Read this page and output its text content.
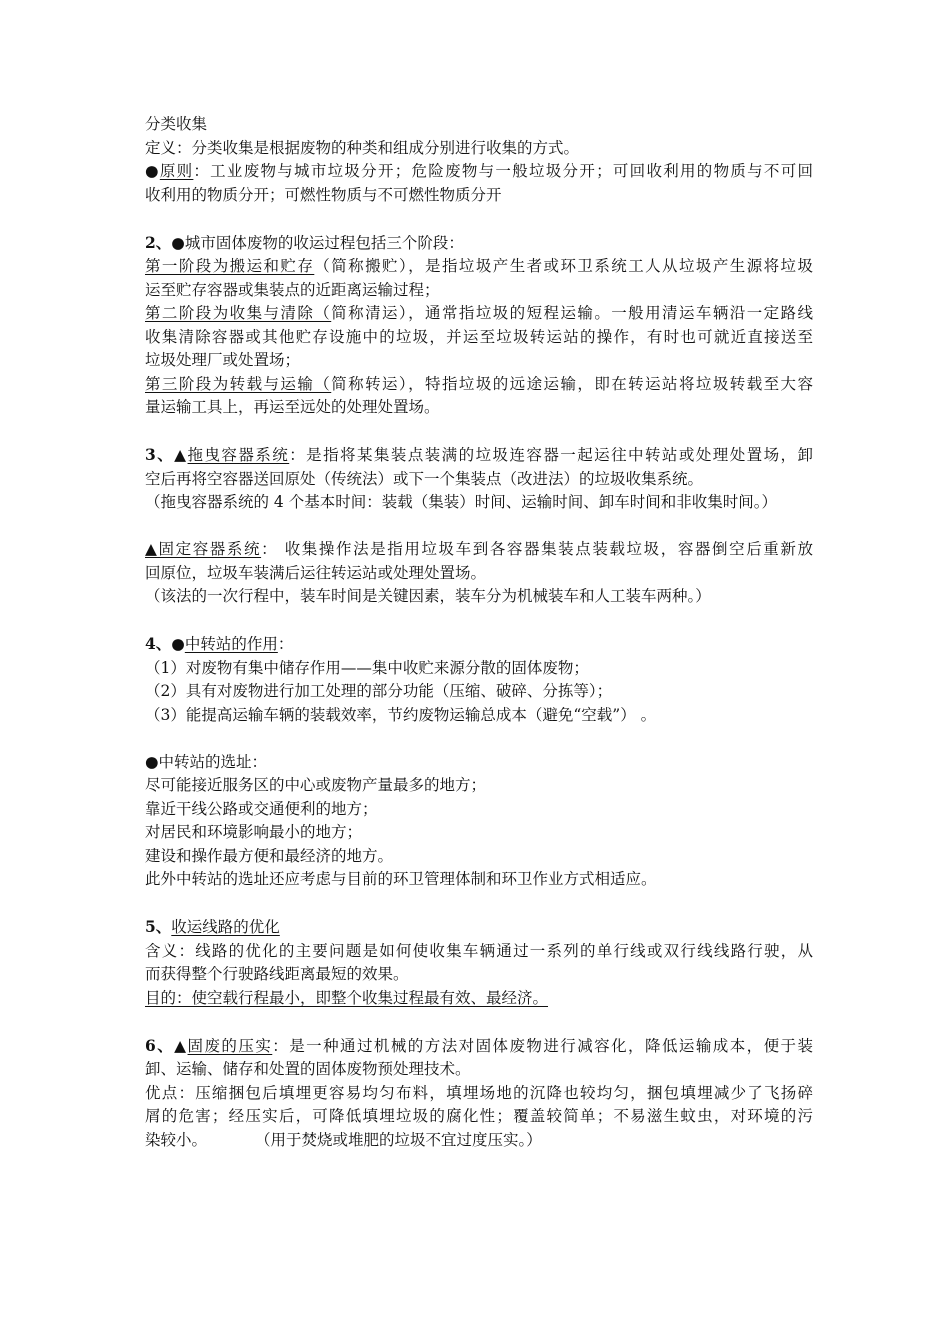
分类收集
定义：分类收集是根据废物的种类和组成分别进行收集的方式。
●原则：工业废物与城市垃圾分开；危险废物与一般垃圾分开；可回收利用的物质与不可回
收利用的物质分开；可燃性物质与不可燃性物质分开
2、●城市固体废物的收运过程包括三个阶段：
第一阶段为搬运和贮存（简称搬贮），是指垃圾产生者或环卫系统工人从垃圾产生源将垃圾
运至贮存容器或集装点的近距离运输过程；
第二阶段为收集与清除（简称清运），通常指垃圾的短程运输。一般用清运车辆沿一定路线
收集清除容器或其他贮存设施中的垃圾，并运至垃圾转运站的操作，有时也可就近直接送至
垃圾处理厂或处置场；
第三阶段为转载与运输（简称转运），特指垃圾的远途运输，即在转运站将垃圾转载至大容
量运输工具上，再运至远处的处理处置场。
3、▲拖曳容器系统：是指将某集装点装满的垃圾连容器一起运往中转站或处理处置场，卸
空后再将空容器送回原处（传统法）或下一个集装点（改进法）的垃圾收集系统。
（拖曳容器系统的 4 个基本时间：装载（集装）时间、运输时间、卸车时间和非收集时间。）
▲固定容器系统： 收集操作法是指用垃圾车到各容器集装点装载垃圾，容器倒空后重新放
回原位，垃圾车装满后运往转运站或处理处置场。
（该法的一次行程中，装车时间是关键因素，装车分为机械装车和人工装车两种。）
4、●中转站的作用：
（1）对废物有集中储存作用——集中收贮来源分散的固体废物；
（2）具有对废物进行加工处理的部分功能（压缩、破碎、分拣等）；
（3）能提高运输车辆的装载效率，节约废物运输总成本（避免“空载”） 。
●中转站的选址：
尽可能接近服务区的中心或废物产量最多的地方；
靠近干线公路或交通便利的地方；
对居民和环境影响最小的地方；
建设和操作最方便和最经济的地方。
此外中转站的选址还应考虑与目前的环卫管理体制和环卫作业方式相适应。
5、收运线路的优化
含义：线路的优化的主要问题是如何使收集车辆通过一系列的单行线或双行线线路行驶，从
而获得整个行驶路线距离最短的效果。
目的：使空载行程最小，即整个收集过程最有效、最经济。
6、▲固废的压实：是一种通过机械的方法对固体废物进行减容化，降低运输成本，便于装
卸、运输、储存和处置的固体废物预处理技术。
优点：压缩捆包后填埋更容易均匀布料，填埋场地的沉降也较均匀，捆包填埋减少了飞扬碎
屑的危害；经压实后，可降低填埋垃圾的腐化性；覆盖较简单；不易滋生蚊虫，对环境的污
染较小。	（用于焚烧或堆肥的垃圾不宜过度压实。）
